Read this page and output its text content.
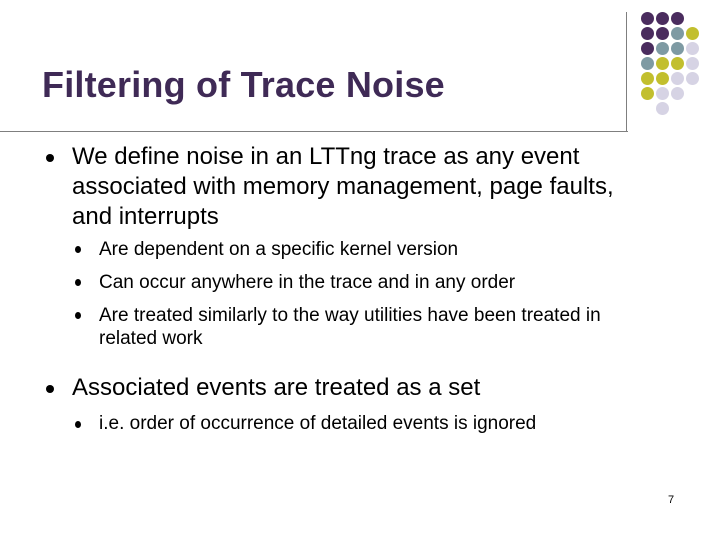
Filtering of Trace Noise
We define noise in an LTTng trace as any event
associated with memory management, page faults,
and interrupts
Are dependent on a specific kernel version
Can occur anywhere in the trace and in any order
Are treated similarly to the way utilities have been treated in
related work
Associated events are treated as a set
i.e. order of occurrence of detailed events is ignored
7
